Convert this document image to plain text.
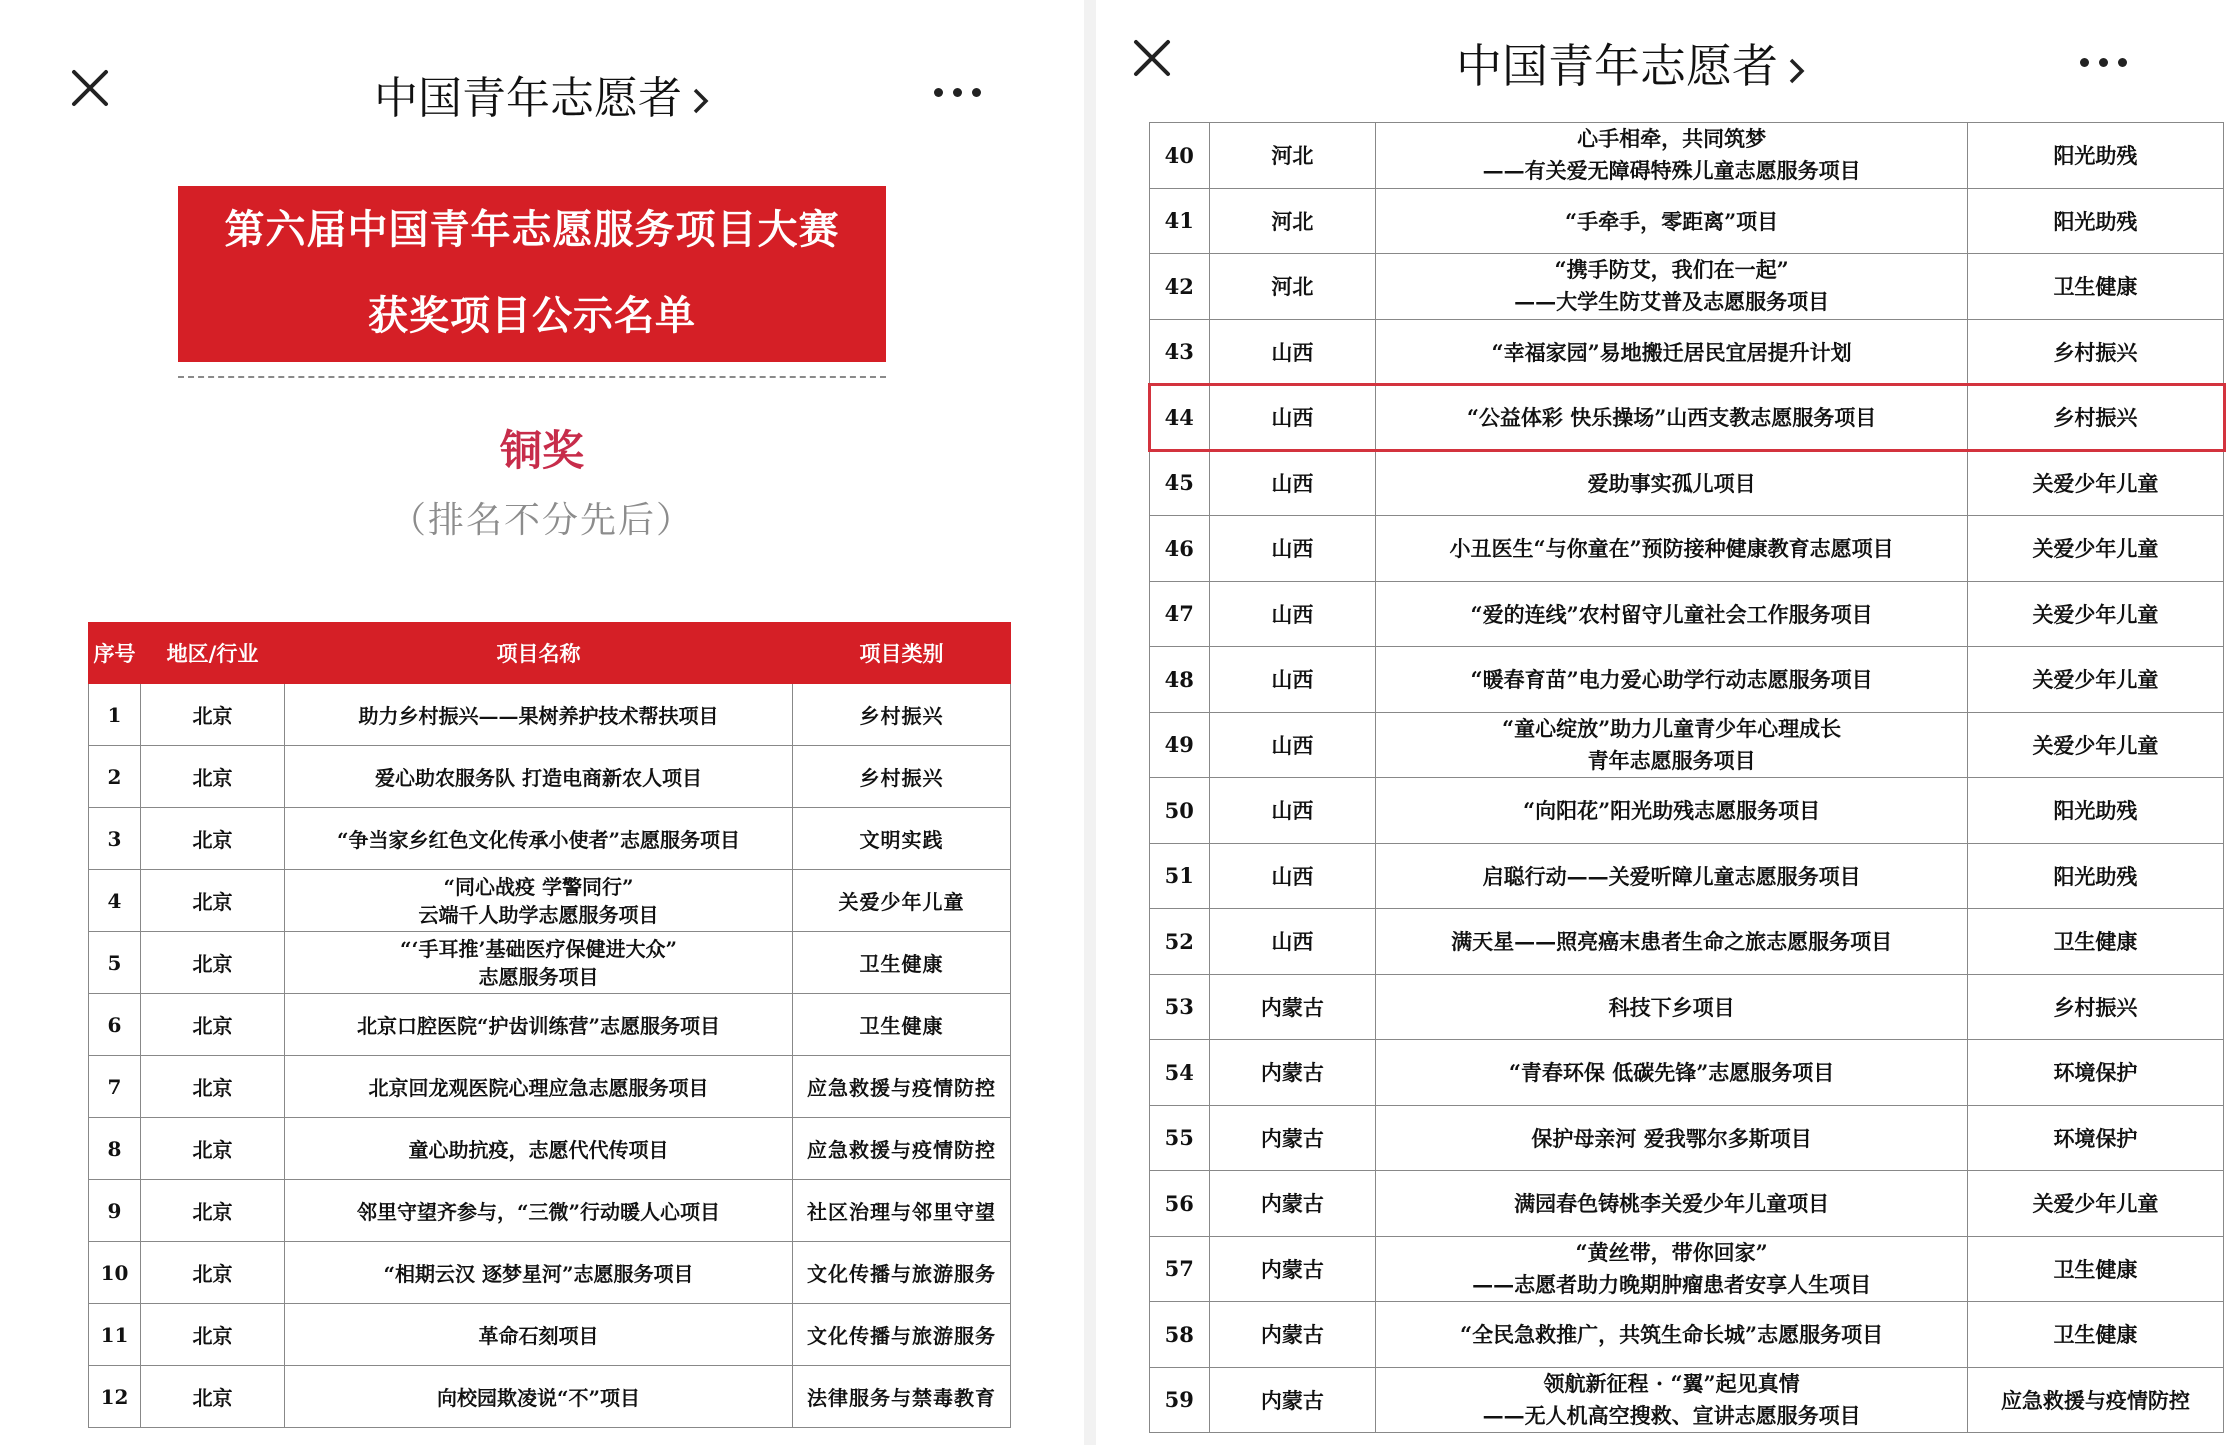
中国青年志愿者
第六届中国青年志愿服务项目大赛
获奖项目公示名单
铜奖
（排名不分先后）
序号	地区/行业	项目名称	项目类别
1	北京	助力乡村振兴——果树养护技术帮扶项目	乡村振兴
2	北京	爱心助农服务队 打造电商新农人项目	乡村振兴
3	北京	“争当家乡红色文化传承小使者”志愿服务项目	文明实践
4	北京	“同心战疫 学警同行”
云端千人助学志愿服务项目	关爱少年儿童
5	北京	“‘手耳推’基础医疗保健进大众”
志愿服务项目	卫生健康
6	北京	北京口腔医院“护齿训练营”志愿服务项目	卫生健康
7	北京	北京回龙观医院心理应急志愿服务项目	应急救援与疫情防控
8	北京	童心助抗疫，志愿代代传项目	应急救援与疫情防控
9	北京	邻里守望齐参与，“三微”行动暖人心项目	社区治理与邻里守望
10	北京	“相期云汉 逐梦星河”志愿服务项目	文化传播与旅游服务
11	北京	革命石刻项目	文化传播与旅游服务
12	北京	向校园欺凌说“不”项目	法律服务与禁毒教育
中国青年志愿者
40	河北	心手相牵，共同筑梦
——有关爱无障碍特殊儿童志愿服务项目	阳光助残
41	河北	“手牵手，零距离”项目	阳光助残
42	河北	“携手防艾，我们在一起”
——大学生防艾普及志愿服务项目	卫生健康
43	山西	“幸福家园”易地搬迁居民宜居提升计划	乡村振兴
44	山西	“公益体彩 快乐操场”山西支教志愿服务项目	乡村振兴
45	山西	爱助事实孤儿项目	关爱少年儿童
46	山西	小丑医生“与你童在”预防接种健康教育志愿项目	关爱少年儿童
47	山西	“爱的连线”农村留守儿童社会工作服务项目	关爱少年儿童
48	山西	“暖春育苗”电力爱心助学行动志愿服务项目	关爱少年儿童
49	山西	“童心绽放”助力儿童青少年心理成长
青年志愿服务项目	关爱少年儿童
50	山西	“向阳花”阳光助残志愿服务项目	阳光助残
51	山西	启聪行动——关爱听障儿童志愿服务项目	阳光助残
52	山西	满天星——照亮癌末患者生命之旅志愿服务项目	卫生健康
53	内蒙古	科技下乡项目	乡村振兴
54	内蒙古	“青春环保 低碳先锋”志愿服务项目	环境保护
55	内蒙古	保护母亲河 爱我鄂尔多斯项目	环境保护
56	内蒙古	满园春色铸桃李关爱少年儿童项目	关爱少年儿童
57	内蒙古	“黄丝带，带你回家”
——志愿者助力晚期肿瘤患者安享人生项目	卫生健康
58	内蒙古	“全民急救推广，共筑生命长城”志愿服务项目	卫生健康
59	内蒙古	领航新征程 · “翼”起见真情
——无人机高空搜救、宣讲志愿服务项目	应急救援与疫情防控
